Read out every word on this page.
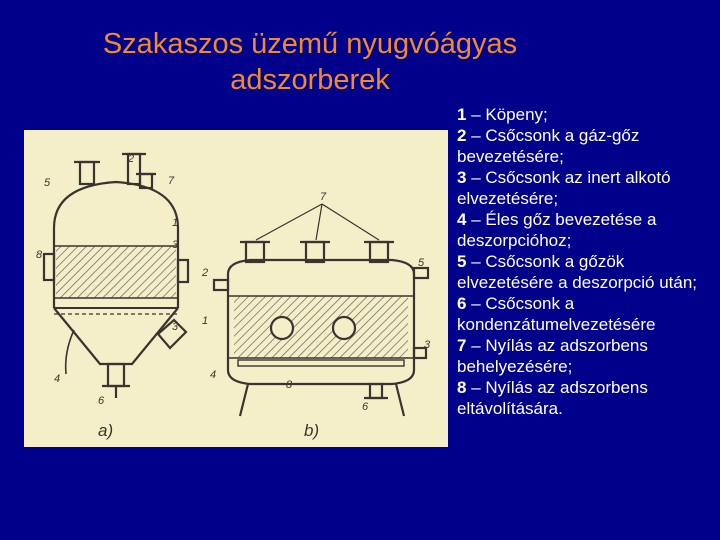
Szakaszos üzemű nyugvóágyas
adszorberek
2
5	7
1
3
8
3
4
6
7
5
2
1
3
4
8
6
a)	b)

1 – Köpeny;

2 – Csőcsonk a gáz-gőz bevezetésére;

3 – Csőcsonk az inert alkotó elvezetésére;

4 – Éles gőz bevezetése a deszorpcióhoz;

5 – Csőcsonk a gőzök elvezetésére a deszorpció után;

6 – Csőcsonk a kondenzátumelvezetésére

7 – Nyílás az adszorbens behelyezésére;

8 – Nyílás az adszorbens eltávolítására.
